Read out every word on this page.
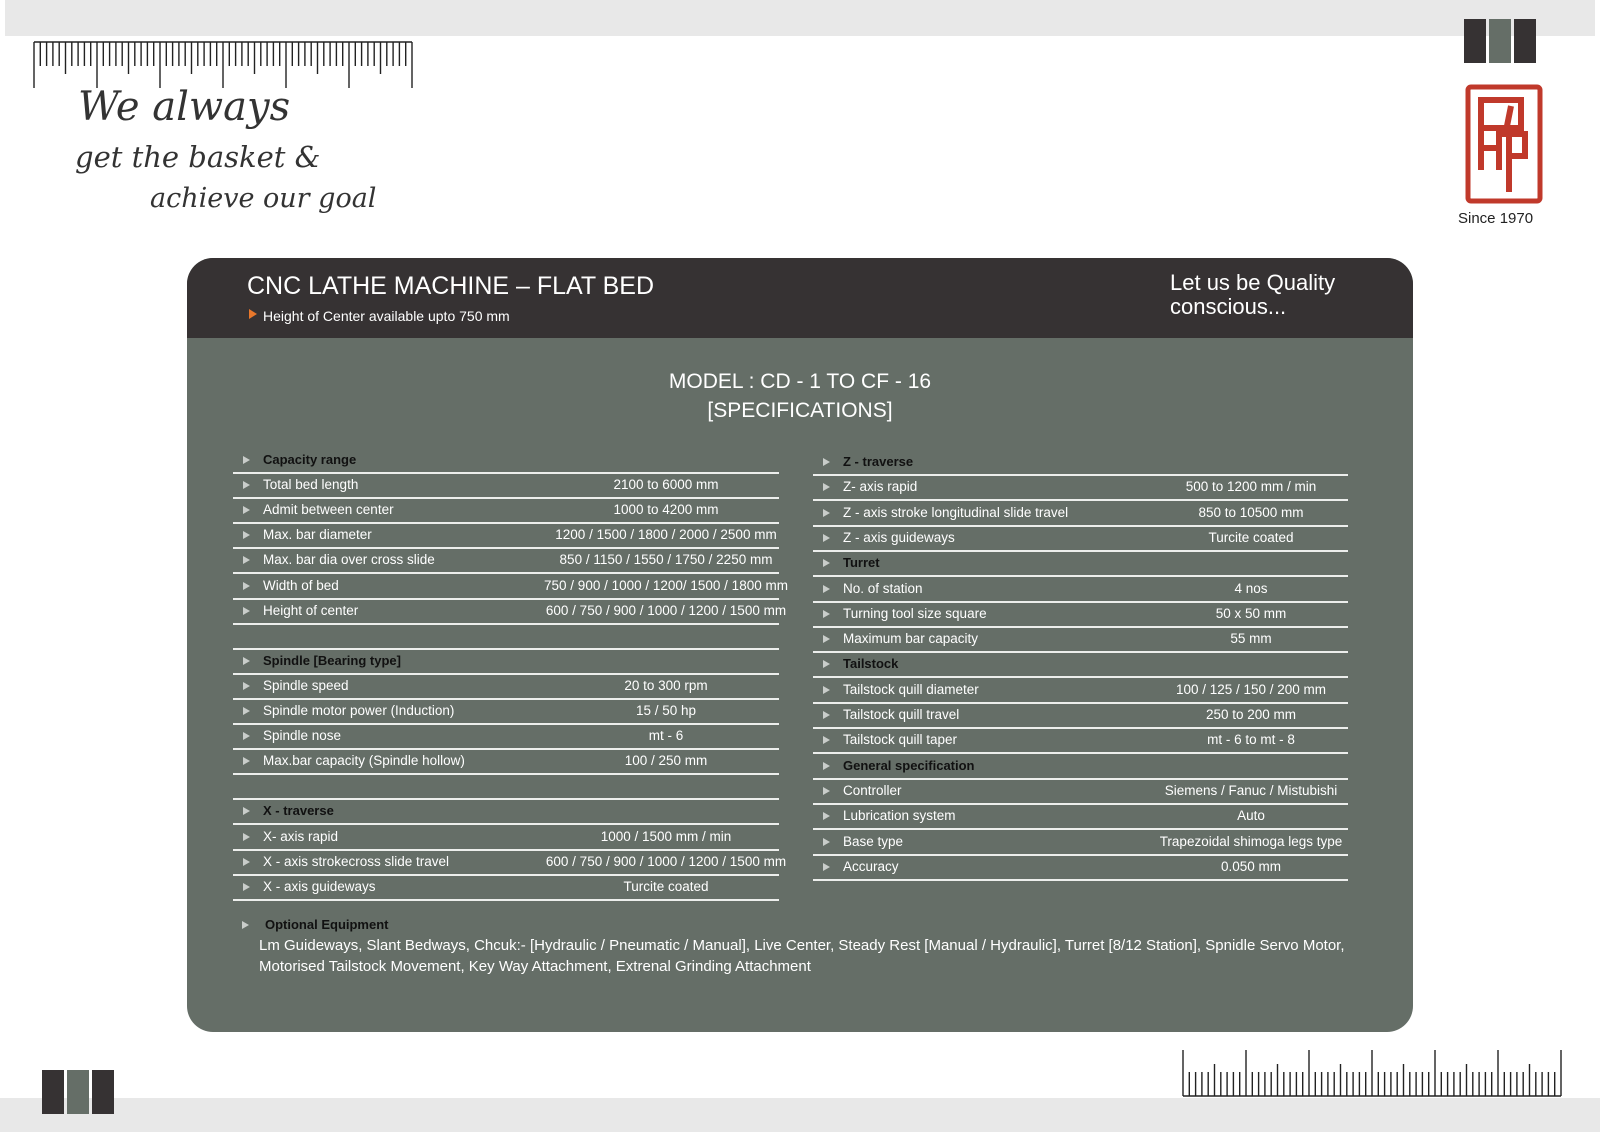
We always
get the basket &
achieve our goal
Since 1970
CNC LATHE MACHINE – FLAT BED
Height of Center available upto 750 mm
Let us be Quality conscious...
MODEL : CD - 1 TO CF - 16
[SPECIFICATIONS]
Capacity range
Total bed length	2100 to 6000 mm
Admit between center	1000 to 4200 mm
Max. bar diameter	1200 / 1500 / 1800 / 2000 / 2500 mm
Max. bar dia over cross slide	850 / 1150 / 1550 / 1750 / 2250 mm
Width of bed	750 / 900 / 1000 / 1200/ 1500 / 1800 mm
Height of center	600 / 750 / 900 / 1000 / 1200 / 1500 mm
Spindle [Bearing type]
Spindle speed	20 to 300 rpm
Spindle motor power (Induction)	15 / 50 hp
Spindle nose	mt - 6
Max.bar capacity (Spindle hollow)	100 / 250 mm
X - traverse
X- axis rapid	1000 / 1500 mm / min
X - axis strokecross slide travel	600 / 750 / 900 / 1000 / 1200 / 1500 mm
X - axis guideways	Turcite coated
Z - traverse
Z- axis rapid	500 to 1200 mm / min
Z - axis stroke longitudinal slide travel	850 to 10500 mm
Z - axis guideways	Turcite coated
Turret
No. of station	4 nos
Turning tool size square	50 x 50 mm
Maximum bar capacity	55 mm
Tailstock
Tailstock quill diameter	100 / 125 / 150 / 200 mm
Tailstock quill travel	250 to 200 mm
Tailstock quill taper	mt - 6 to mt - 8
General specification
Controller	Siemens / Fanuc / Mistubishi
Lubrication system	Auto
Base type	Trapezoidal shimoga legs type
Accuracy	0.050 mm
Optional Equipment
Lm Guideways, Slant Bedways, Chcuk:- [Hydraulic / Pneumatic / Manual], Live Center, Steady Rest [Manual / Hydraulic], Turret [8/12 Station], Spnidle Servo Motor, Motorised Tailstock Movement, Key Way Attachment, Extrenal Grinding Attachment
